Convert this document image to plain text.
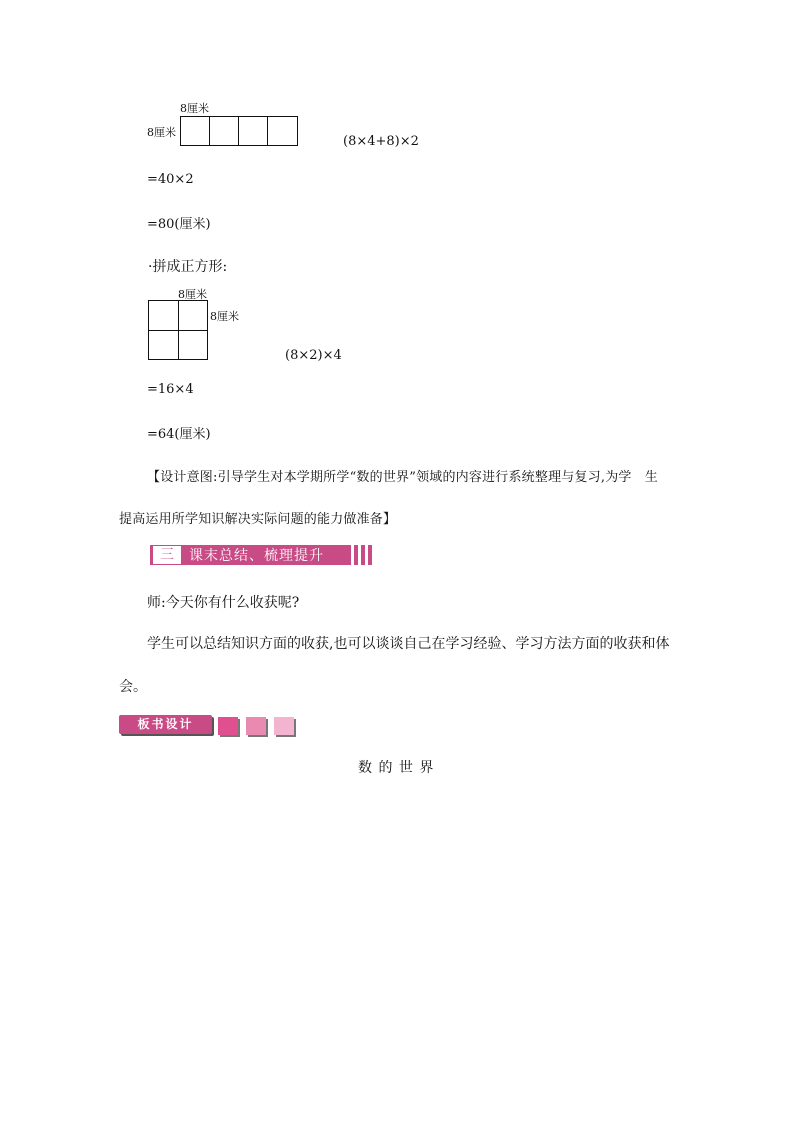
8厘米
8厘米
(8×4+8)×2
=40×2
=80(厘米)
·拼成正方形:
8厘米
8厘米
(8×2)×4
=16×4
=64(厘米)
【设计意图:引导学生对本学期所学“数的世界”领域的内容进行系统整理与复习,为学　生
提高运用所学知识解决实际问题的能力做准备】
三	课末总结、梳理提升
师:今天你有什么收获呢?
学生可以总结知识方面的收获,也可以谈谈自己在学习经验、学习方法方面的收获和体
会。
板书设计
数 的 世 界
